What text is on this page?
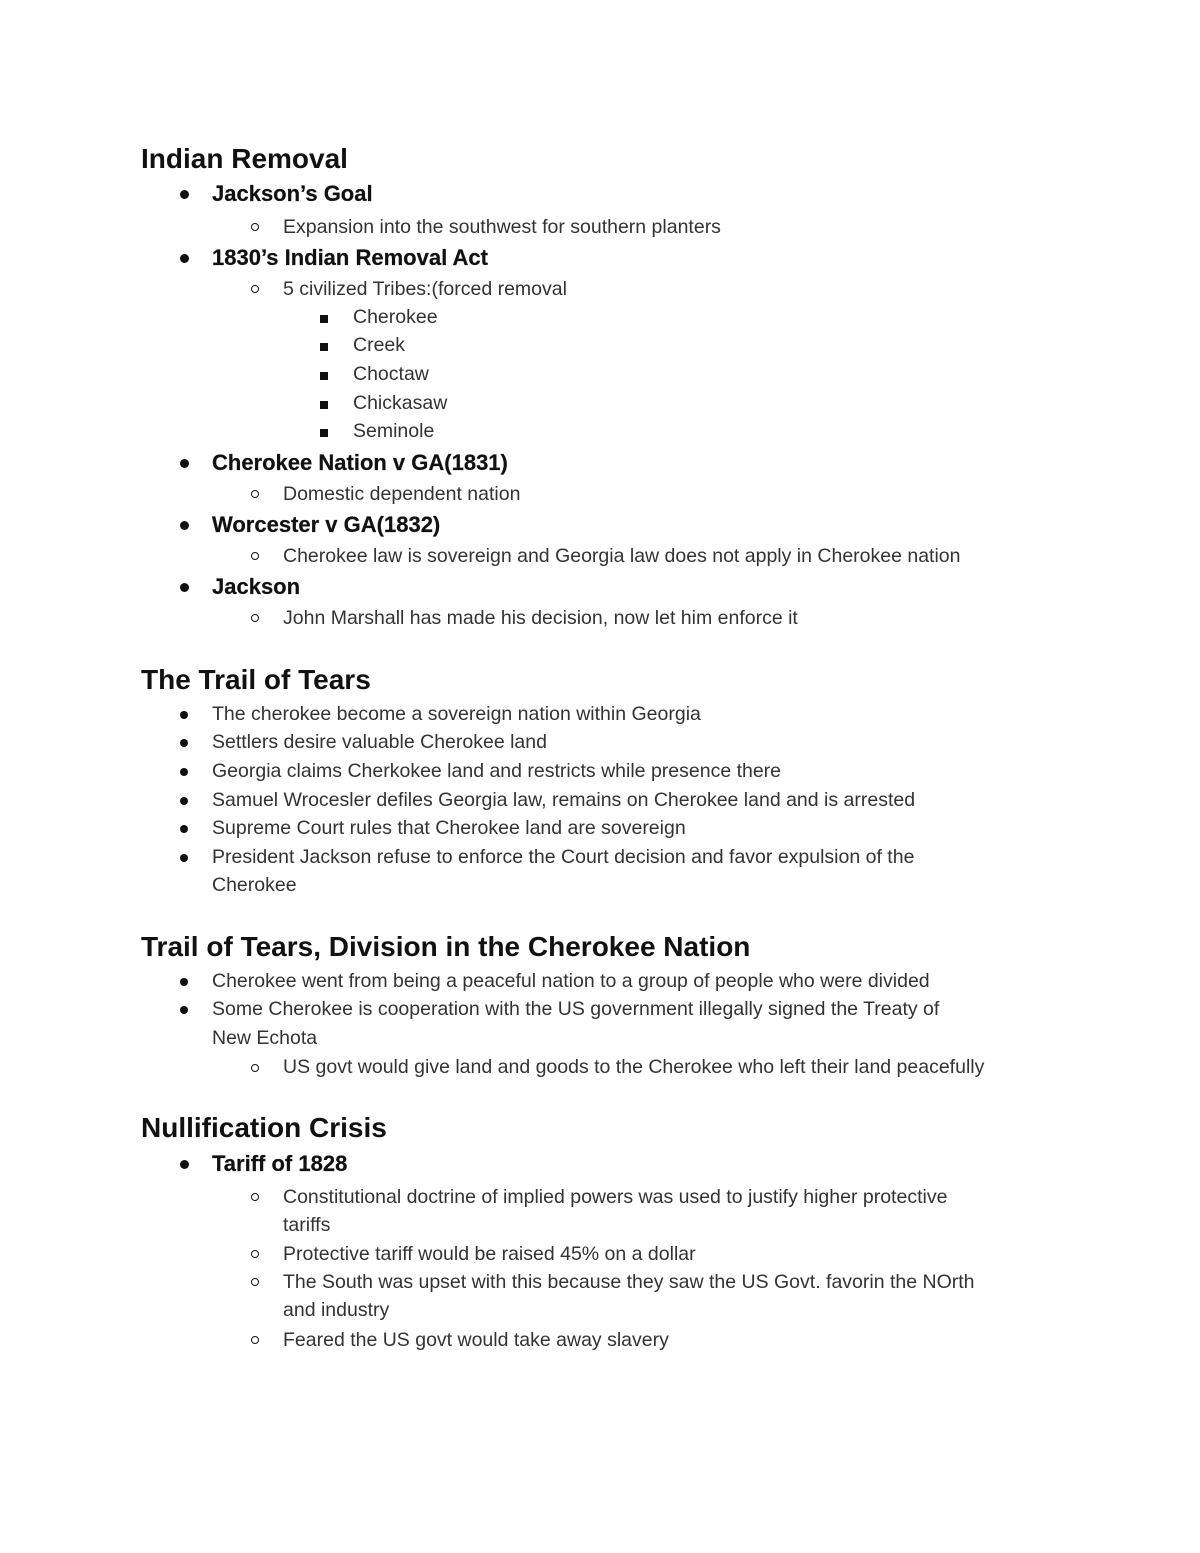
Indian Removal
Jackson’s Goal
Expansion into the southwest for southern planters
1830’s Indian Removal Act
5 civilized Tribes:(forced removal
Cherokee
Creek
Choctaw
Chickasaw
Seminole
Cherokee Nation v GA(1831)
Domestic dependent nation
Worcester v GA(1832)
Cherokee law is sovereign and Georgia law does not apply in Cherokee nation
Jackson
John Marshall has made his decision, now let him enforce it
The Trail of Tears
The cherokee become a sovereign nation within Georgia
Settlers desire valuable Cherokee land
Georgia claims Cherkokee land and restricts while presence there
Samuel Wrocesler defiles Georgia law, remains on Cherokee land and is arrested
Supreme Court rules that Cherokee land are sovereign
President Jackson refuse to enforce the Court decision and favor expulsion of the
Cherokee
Trail of Tears, Division in the Cherokee Nation
Cherokee went from being a peaceful nation to a group of people who were divided
Some Cherokee is cooperation with the US government illegally signed the Treaty of
New Echota
US govt would give land and goods to the Cherokee who left their land peacefully
Nullification Crisis
Tariff of 1828
Constitutional doctrine of implied powers was used to justify higher protective
tariffs
Protective tariff would be raised 45% on a dollar
The South was upset with this because they saw the US Govt. favorin the NOrth
and industry
Feared the US govt would take away slavery
